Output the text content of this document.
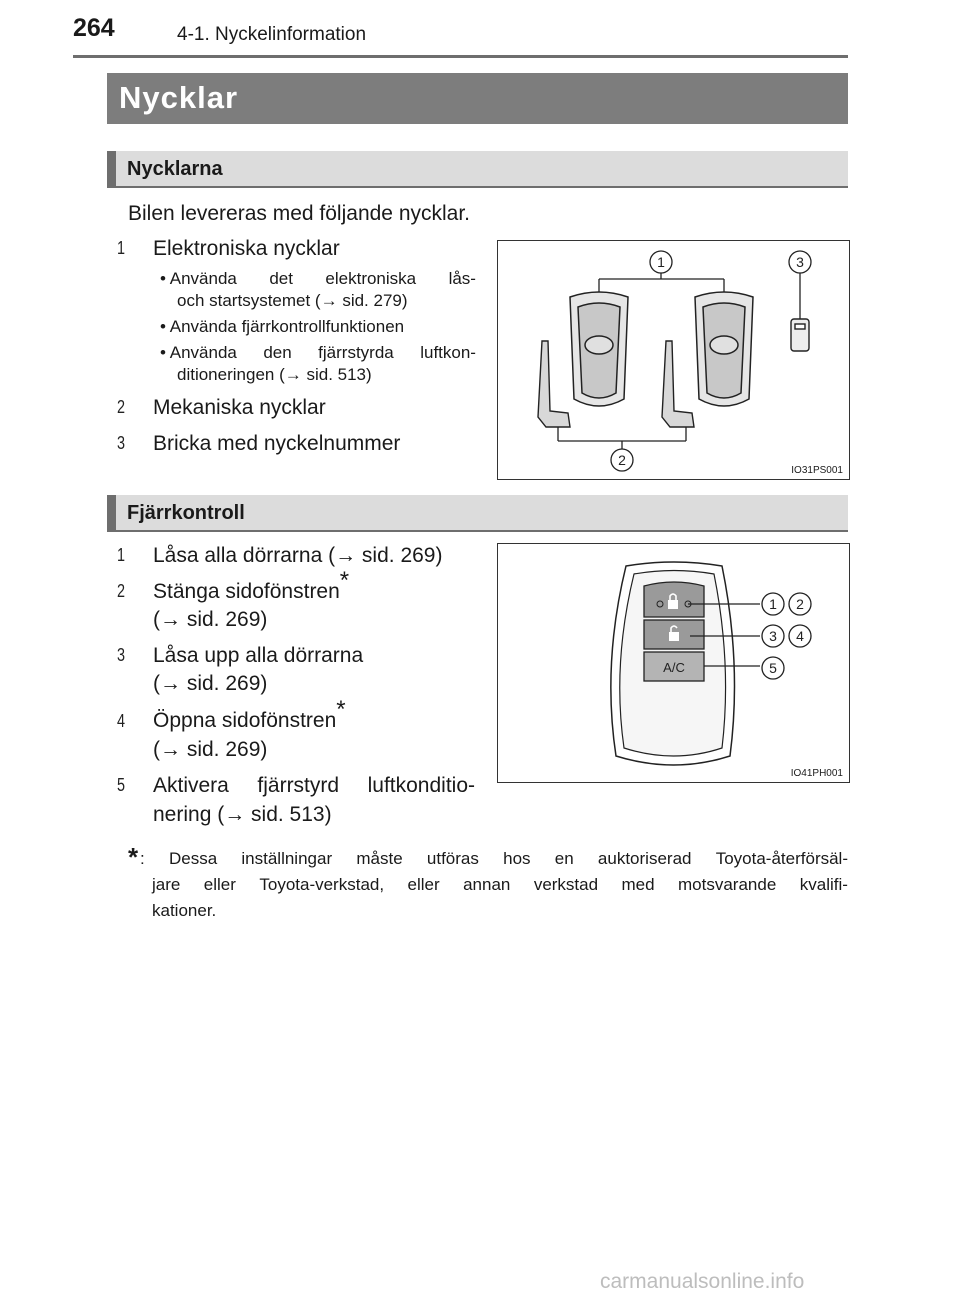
264	4-1. Nyckelinformation
Nycklar
Nycklarna
Bilen levereras med följande nycklar.
1	Elektroniska nycklar
• Använda det elektroniska lås-
och startsystemet (→ sid. 279)
• Använda fjärrkontrollfunktionen
• Använda den fjärrstyrda luftkon-
ditioneringen (→ sid. 513)
2	Mekaniska nycklar
3	Bricka med nyckelnummer
1
2
3
IO31PS001
Fjärrkontroll
1	Låsa alla dörrarna (→ sid. 269)
2	Stänga sidofönstren*
(→ sid. 269)
3	Låsa upp alla dörrarna
(→ sid. 269)
4	Öppna sidofönstren*
(→ sid. 269)
5	Aktivera fjärrstyrd luftkonditio-
nering (→ sid. 513)
A/C
1 2
3 4
5
IO41PH001
* : Dessa inställningar måste utföras hos en auktoriserad Toyota-återförsäl-
jare eller Toyota-verkstad, eller annan verkstad med motsvarande kvalifi-
kationer.
carmanualsonline.info
